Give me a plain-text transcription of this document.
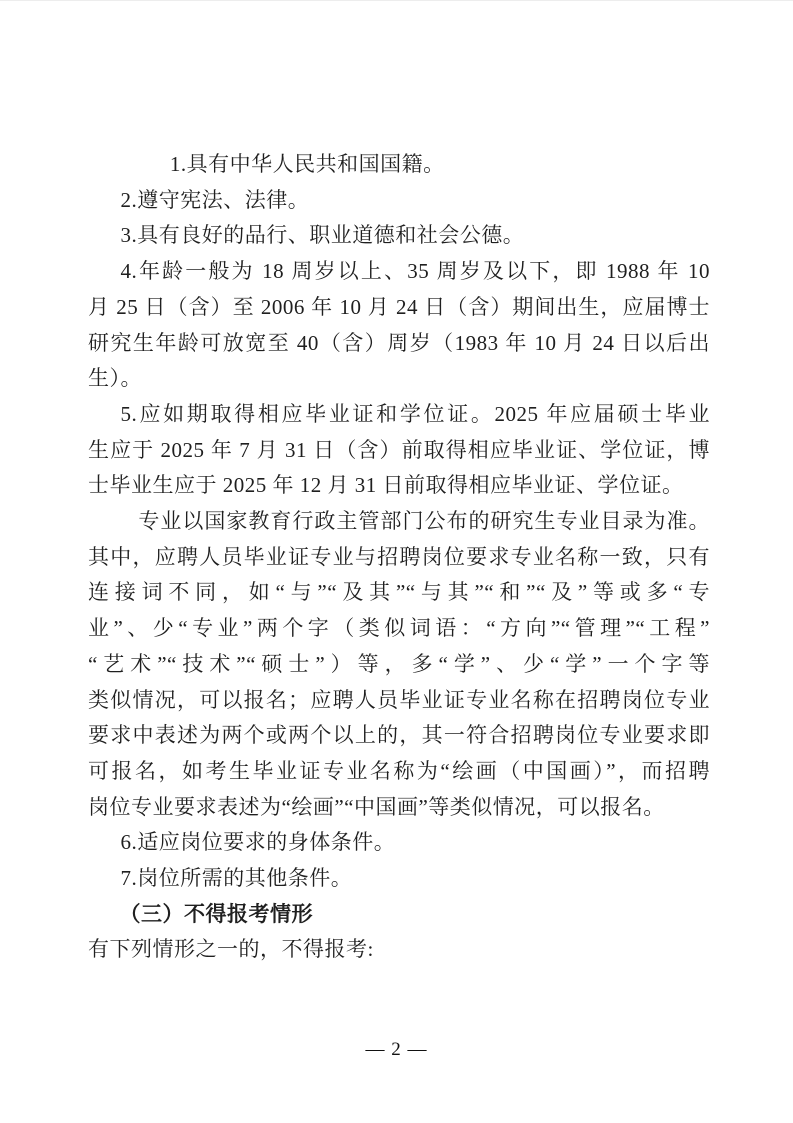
1.具有中华人民共和国国籍。
2.遵守宪法、法律。
3.具有良好的品行、职业道德和社会公德。
4.年龄一般为 18 周岁以上、35 周岁及以下，即 1988 年 10
月 25 日（含）至 2006 年 10 月 24 日（含）期间出生，应届博士
研究生年龄可放宽至 40（含）周岁（1983 年 10 月 24 日以后出
生）。
5.应如期取得相应毕业证和学位证。2025 年应届硕士毕业
生应于 2025 年 7 月 31 日（含）前取得相应毕业证、学位证，博
士毕业生应于 2025 年 12 月 31 日前取得相应毕业证、学位证。
专业以国家教育行政主管部门公布的研究生专业目录为准。
其中，应聘人员毕业证专业与招聘岗位要求专业名称一致，只有
连接词不同，如“与”“及其”“与其”“和”“及”等或多“专
业”、少“专业”两个字（类似词语：“方向”“管理”“工程”
“艺术”“技术”“硕士”）等，多“学”、少“学”一个字等
类似情况，可以报名；应聘人员毕业证专业名称在招聘岗位专业
要求中表述为两个或两个以上的，其一符合招聘岗位专业要求即
可报名，如考生毕业证专业名称为“绘画（中国画）”，而招聘
岗位专业要求表述为“绘画”“中国画”等类似情况，可以报名。
6.适应岗位要求的身体条件。
7.岗位所需的其他条件。
（三）不得报考情形
有下列情形之一的，不得报考:
— 2 —
